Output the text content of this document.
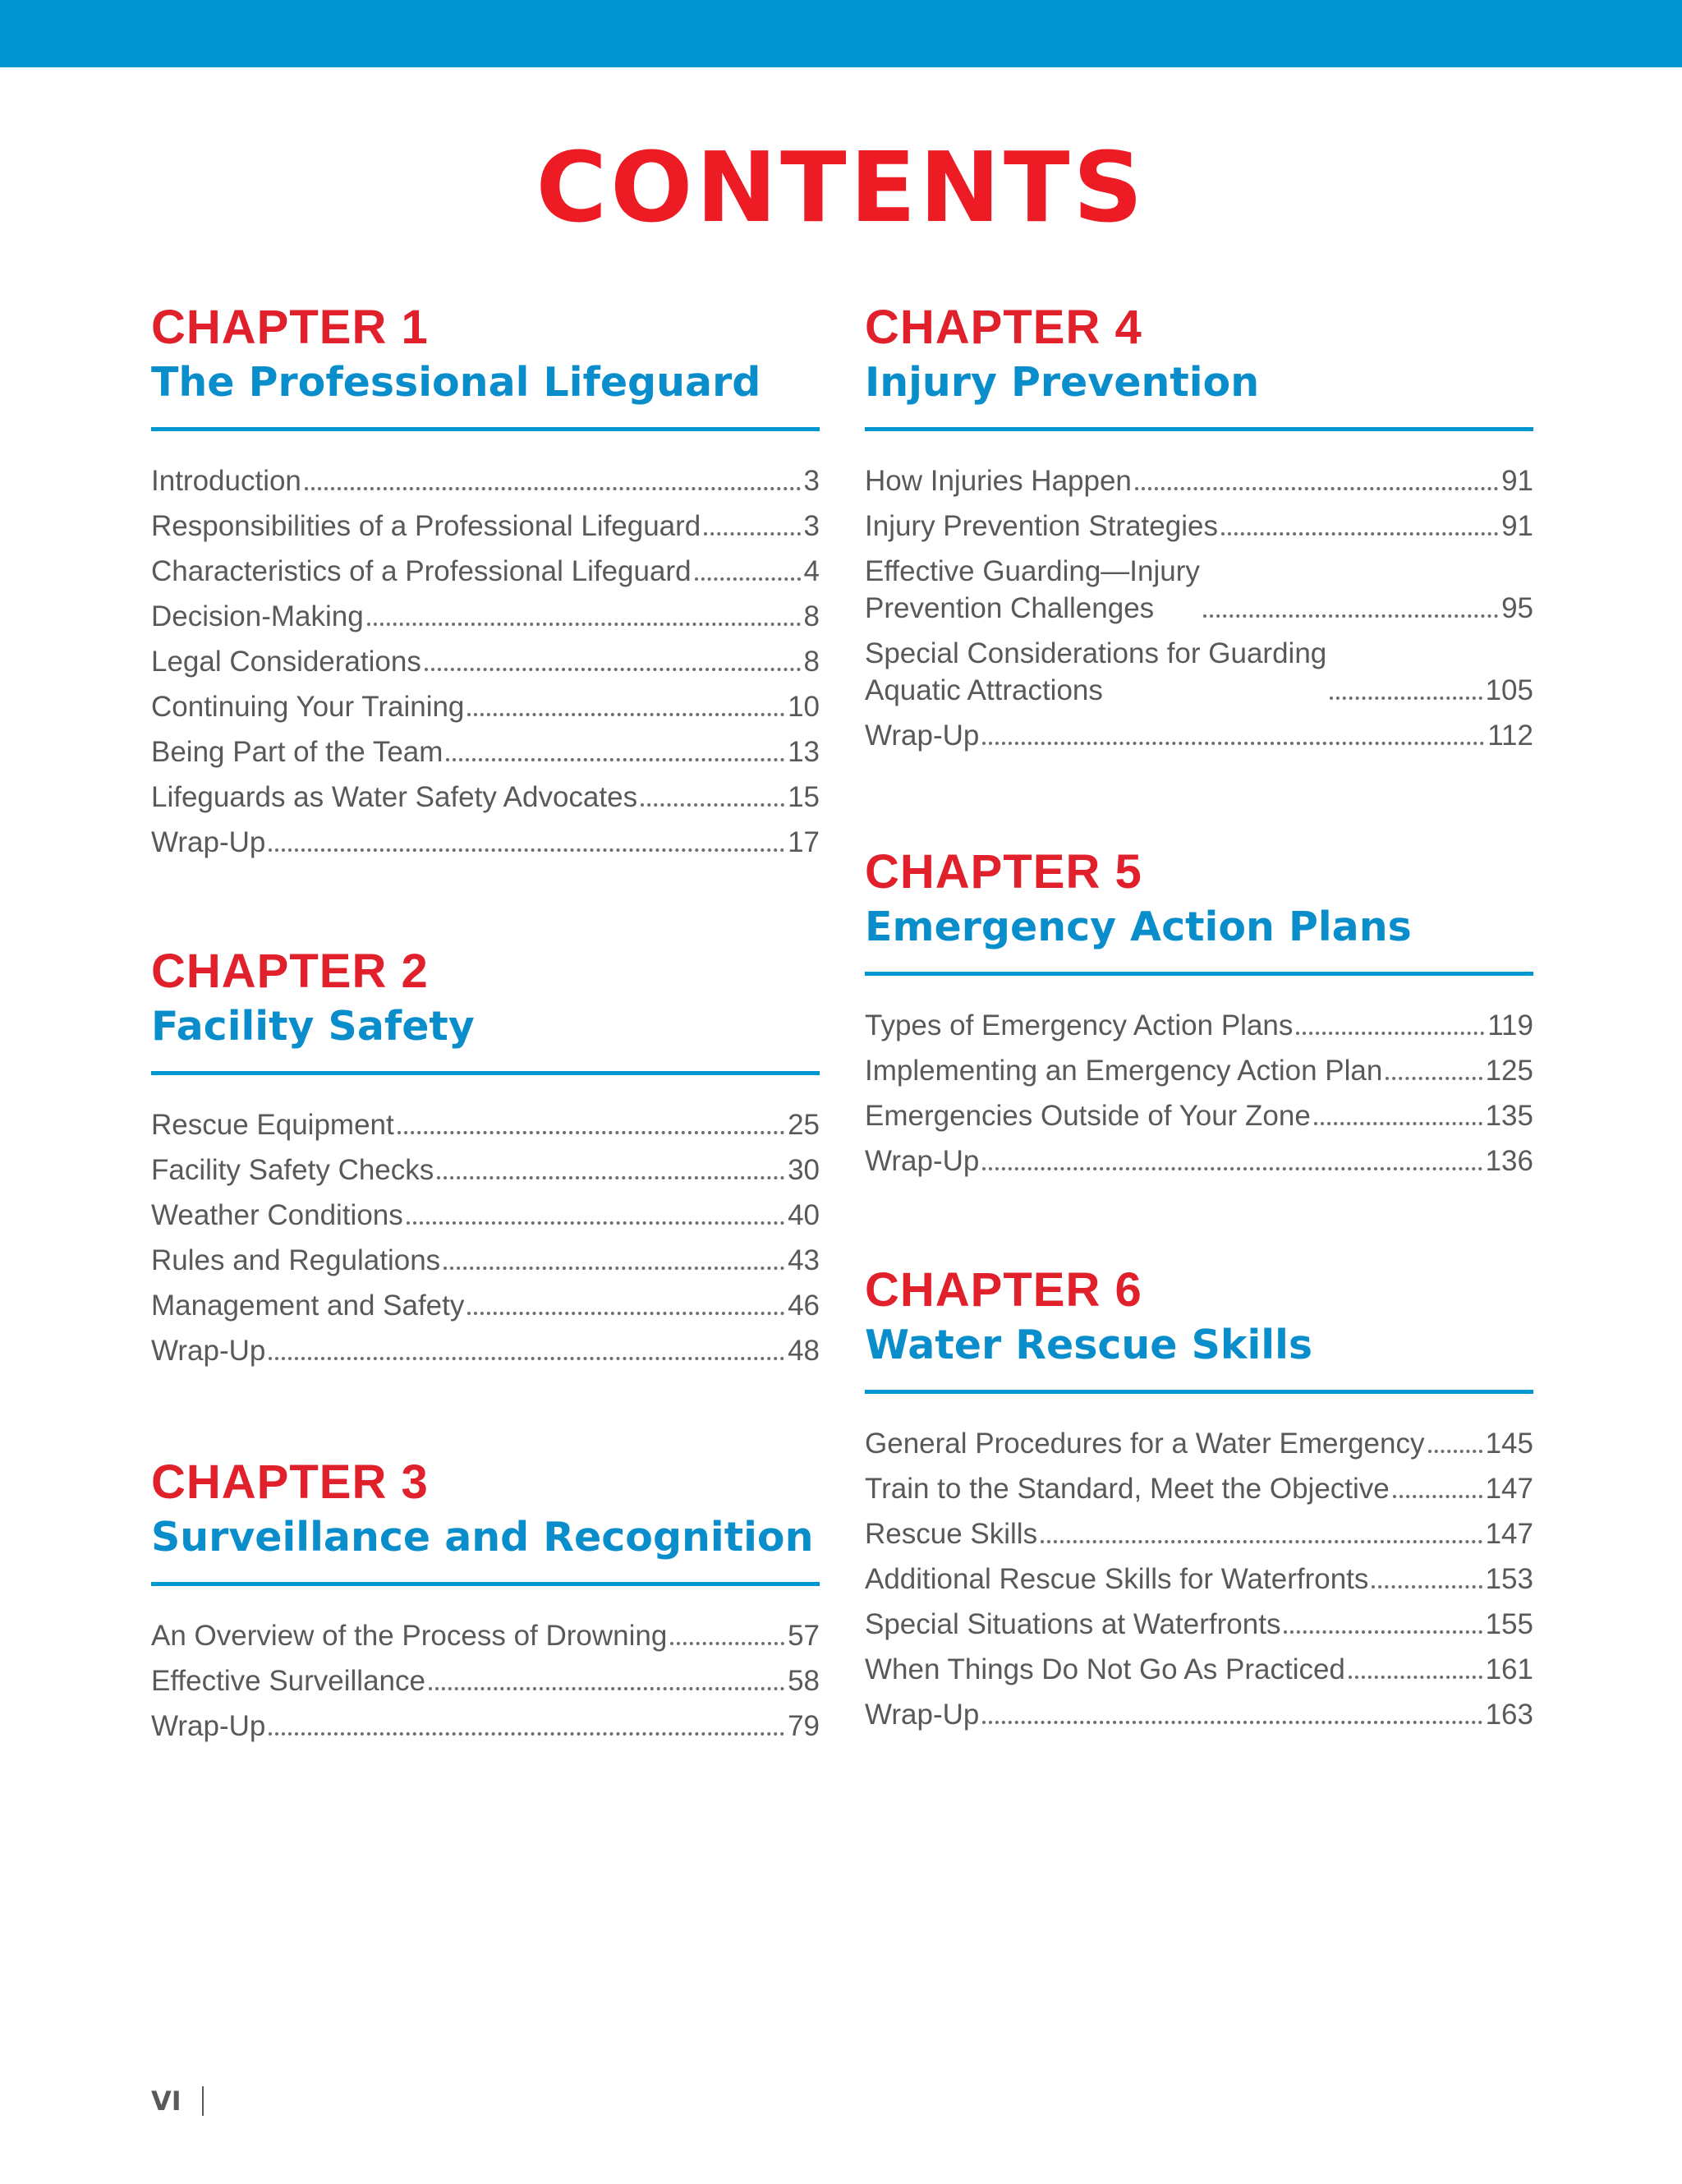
CONTENTS
CHAPTER 1
The Professional Lifeguard
Introduction	3
Responsibilities of a Professional Lifeguard	3
Characteristics of a Professional Lifeguard	4
Decision-Making	8
Legal Considerations	8
Continuing Your Training	10
Being Part of the Team	13
Lifeguards as Water Safety Advocates	15
Wrap-Up	17
CHAPTER 2
Facility Safety
Rescue Equipment	25
Facility Safety Checks	30
Weather Conditions	40
Rules and Regulations	43
Management and Safety	46
Wrap-Up	48
CHAPTER 3
Surveillance and Recognition
An Overview of the Process of Drowning	57
Effective Surveillance	58
Wrap-Up	79
CHAPTER 4
Injury Prevention
How Injuries Happen	91
Injury Prevention Strategies	91
Effective Guarding—Injury
Prevention Challenges	95
Special Considerations for Guarding
Aquatic Attractions	105
Wrap-Up	112
CHAPTER 5
Emergency Action Plans
Types of Emergency Action Plans	119
Implementing an Emergency Action Plan	125
Emergencies Outside of Your Zone	135
Wrap-Up	136
CHAPTER 6
Water Rescue Skills
General Procedures for a Water Emergency 145
Train to the Standard, Meet the Objective	147
Rescue Skills	147
Additional Rescue Skills for Waterfronts	153
Special Situations at Waterfronts	155
When Things Do Not Go As Practiced	161
Wrap-Up	163
VI
